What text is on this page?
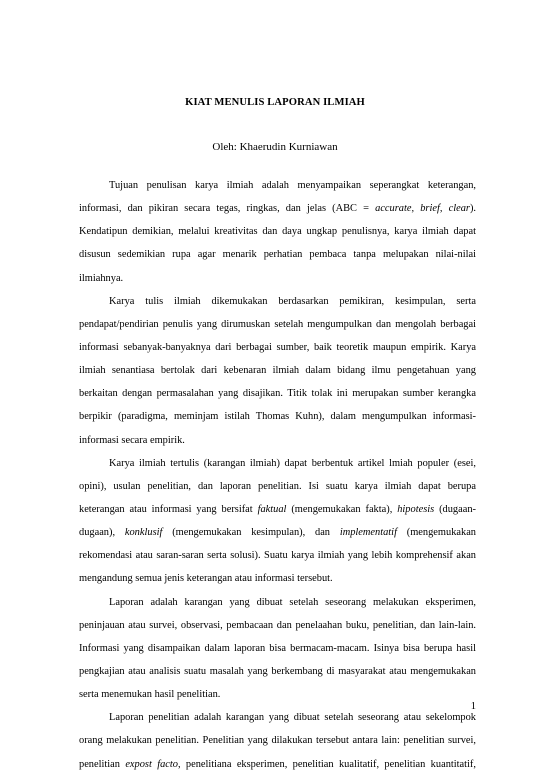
KIAT MENULIS LAPORAN ILMIAH
Oleh: Khaerudin Kurniawan
Tujuan penulisan karya ilmiah adalah menyampaikan seperangkat keterangan,
informasi, dan pikiran secara tegas, ringkas, dan jelas (ABC = accurate, brief, clear).
Kendatipun demikian, melalui kreativitas dan daya ungkap penulisnya, karya ilmiah dapat
disusun sedemikian rupa agar menarik perhatian pembaca tanpa melupakan nilai-nilai
ilmiahnya.
Karya tulis ilmiah dikemukakan berdasarkan pemikiran, kesimpulan, serta
pendapat/pendirian penulis yang dirumuskan setelah mengumpulkan dan mengolah berbagai
informasi sebanyak-banyaknya dari berbagai sumber, baik teoretik maupun empirik. Karya
ilmiah senantiasa bertolak dari kebenaran ilmiah dalam bidang ilmu pengetahuan yang
berkaitan dengan permasalahan yang disajikan. Titik tolak ini merupakan sumber kerangka
berpikir (paradigma, meminjam istilah Thomas Kuhn), dalam mengumpulkan informasi-
informasi secara empirik.
Karya ilmiah tertulis (karangan ilmiah) dapat berbentuk artikel lmiah populer (esei,
opini), usulan penelitian, dan laporan penelitian. Isi suatu karya ilmiah dapat berupa
keterangan atau informasi yang bersifat faktual (mengemukakan fakta), hipotesis (dugaan-
dugaan), konklusif (mengemukakan kesimpulan), dan implementatif (mengemukakan
rekomendasi atau saran-saran serta solusi). Suatu karya ilmiah yang lebih komprehensif akan
mengandung semua jenis keterangan atau informasi tersebut.
Laporan adalah karangan yang dibuat setelah seseorang melakukan eksperimen,
peninjauan atau survei, observasi, pembacaan dan penelaahan buku, penelitian, dan lain-lain.
Informasi yang disampaikan dalam laporan bisa bermacam-macam. Isinya bisa berupa hasil
pengkajian atau analisis suatu masalah yang berkembang di masyarakat atau mengemukakan
serta menemukan hasil penelitian.
Laporan penelitian adalah karangan yang dibuat setelah seseorang atau sekelompok
orang melakukan penelitian. Penelitian yang dilakukan tersebut antara lain: penelitian survei,
penelitian expost facto, penelitiana eksperimen, penelitian kualitatif, penelitian kuantitatif,
1
